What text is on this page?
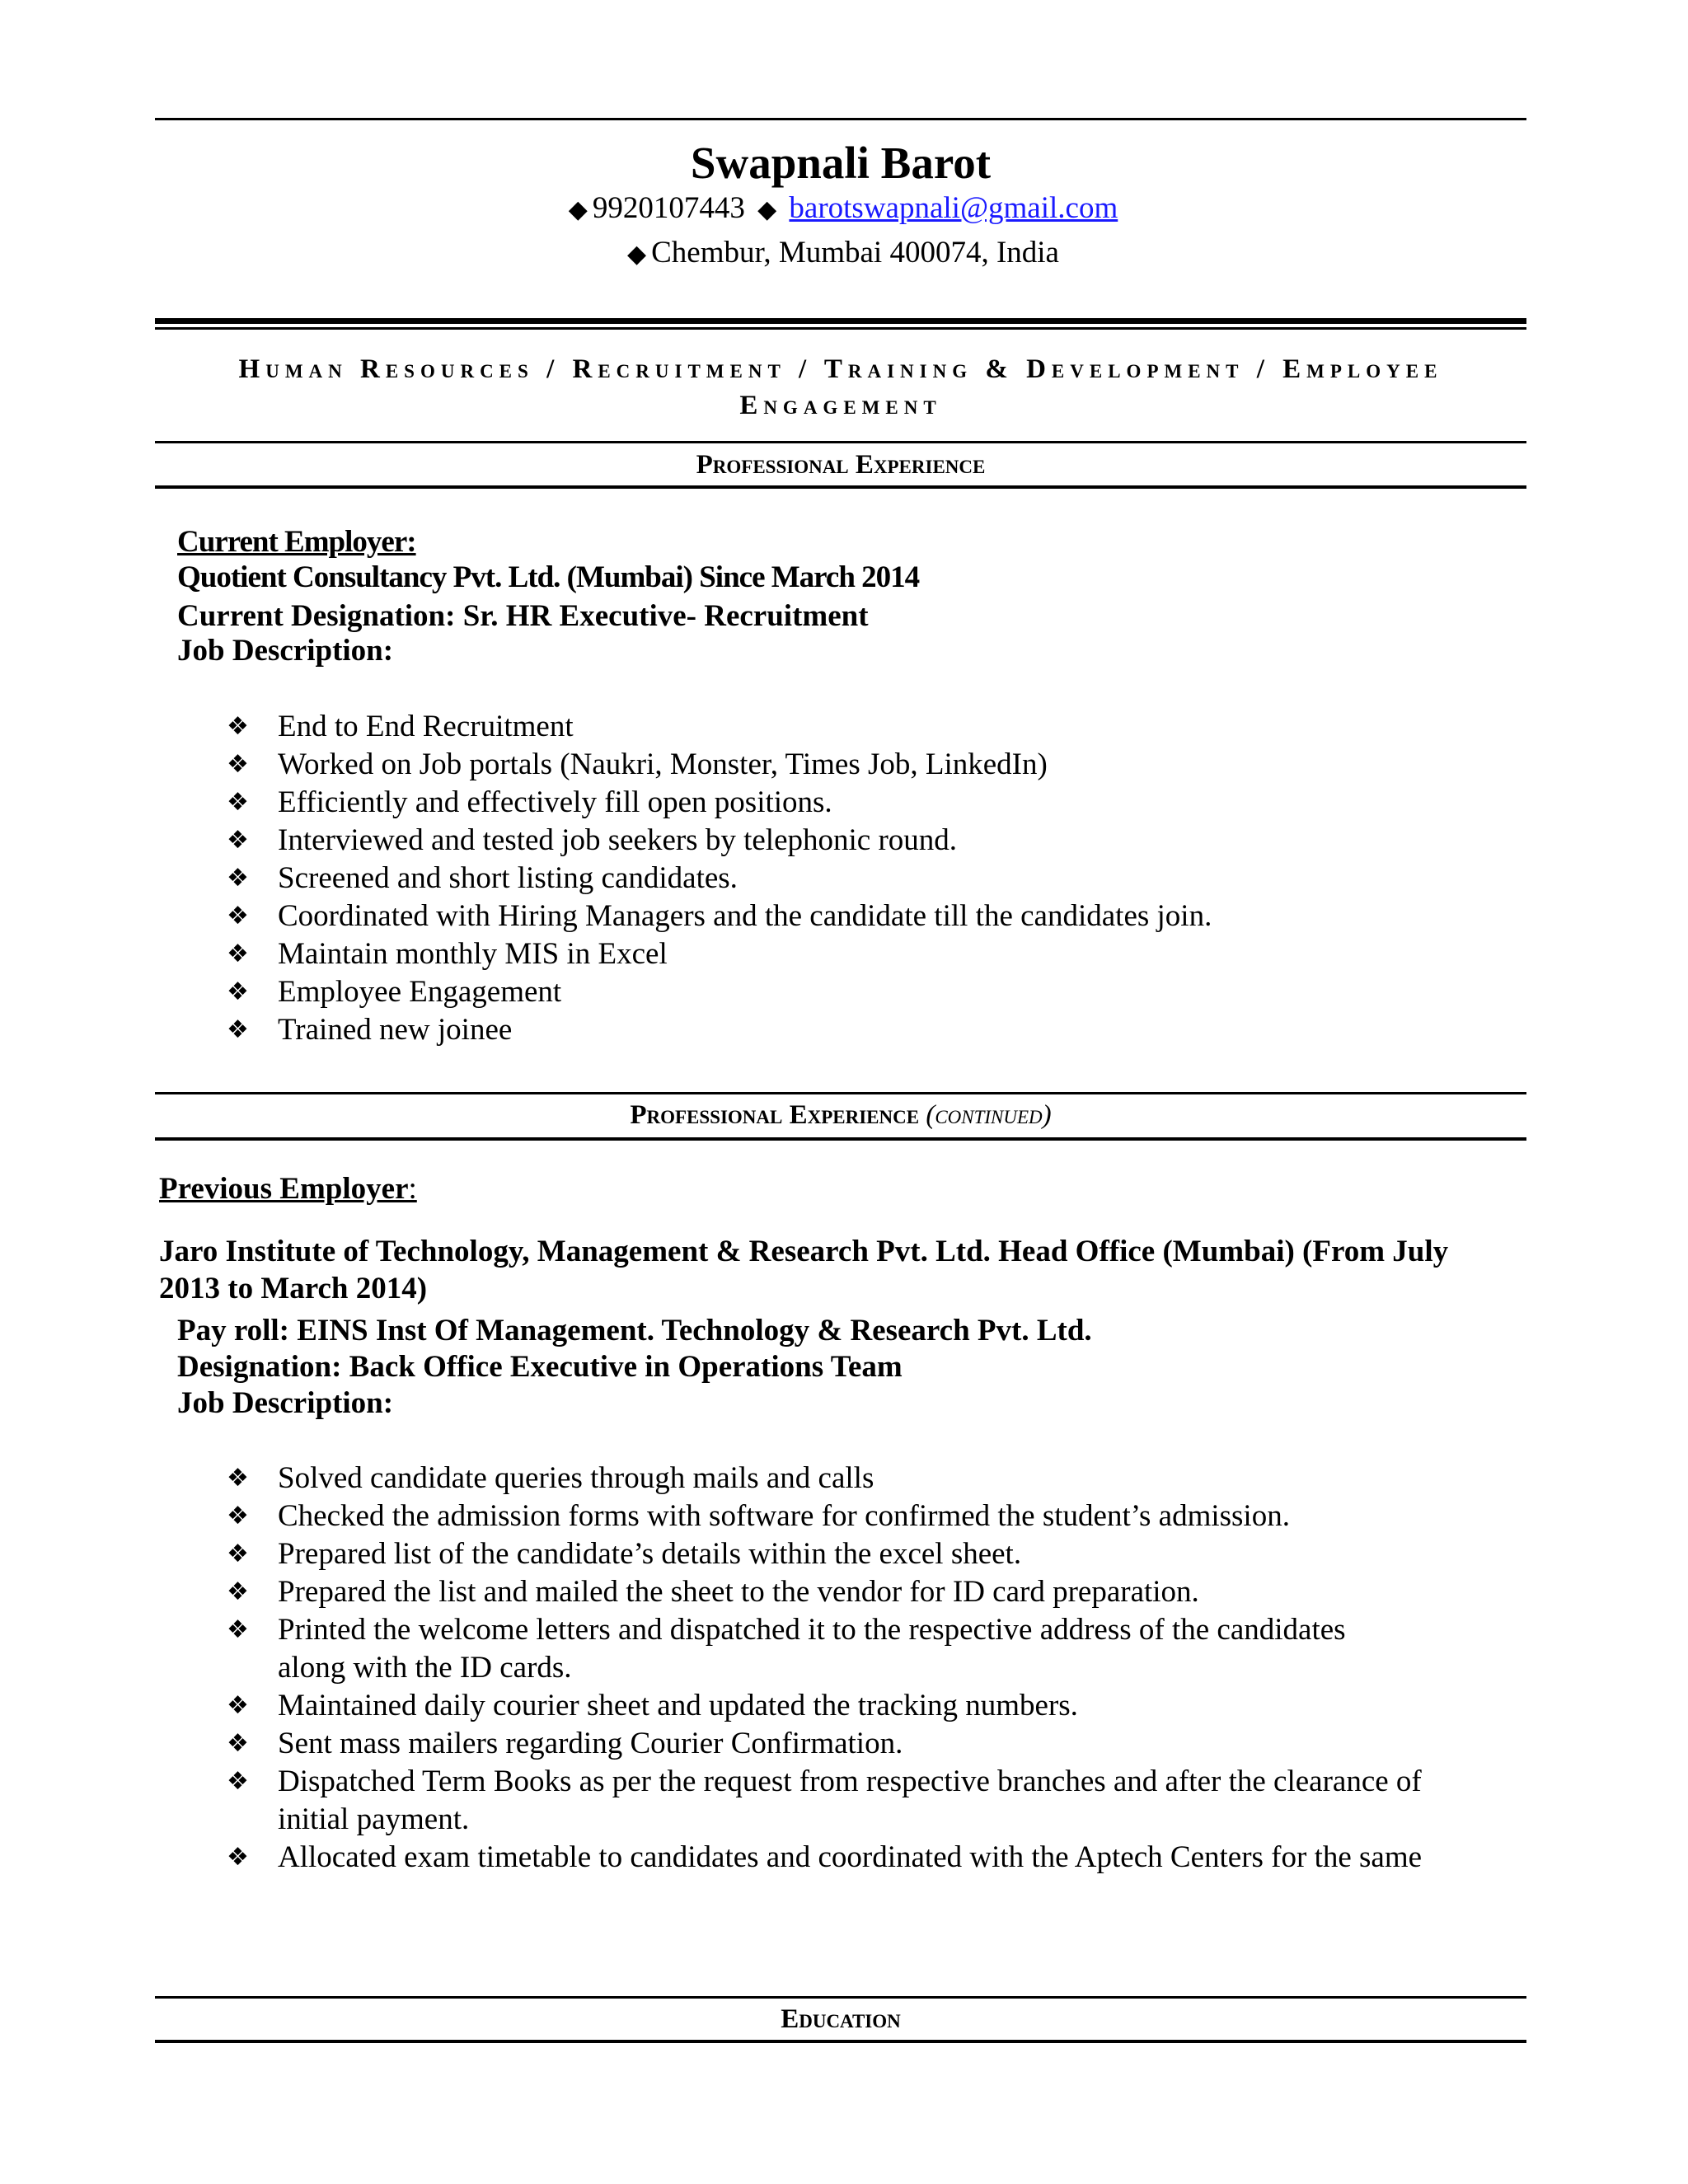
Swapnali Barot
◆ 9920107443 ◆ barotswapnali@gmail.com
◆ Chembur, Mumbai 400074, India
Human Resources / Recruitment / Training & Development / Employee Engagement
Professional Experience
Current Employer:
Quotient Consultancy Pvt. Ltd. (Mumbai) Since March 2014
Current Designation: Sr. HR Executive- Recruitment
Job Description:
❖ End to End Recruitment
❖ Worked on Job portals (Naukri, Monster, Times Job, LinkedIn)
❖ Efficiently and effectively fill open positions.
❖ Interviewed and tested job seekers by telephonic round.
❖ Screened and short listing candidates.
❖ Coordinated with Hiring Managers and the candidate till the candidates join.
❖ Maintain monthly MIS in Excel
❖ Employee Engagement
❖ Trained new joinee
Professional Experience (continued)
Previous Employer:
Jaro Institute of Technology, Management & Research Pvt. Ltd. Head Office (Mumbai) (From July 2013 to March 2014)
Pay roll: EINS Inst Of Management. Technology & Research Pvt. Ltd.
Designation: Back Office Executive in Operations Team
Job Description:
❖ Solved candidate queries through mails and calls
❖ Checked the admission forms with software for confirmed the student’s admission.
❖ Prepared list of the candidate’s details within the excel sheet.
❖ Prepared the list and mailed the sheet to the vendor for ID card preparation.
❖ Printed the welcome letters and dispatched it to the respective address of the candidates along with the ID cards.
❖ Maintained daily courier sheet and updated the tracking numbers.
❖ Sent mass mailers regarding Courier Confirmation.
❖ Dispatched Term Books as per the request from respective branches and after the clearance of initial payment.
❖ Allocated exam timetable to candidates and coordinated with the Aptech Centers for the same
Education
